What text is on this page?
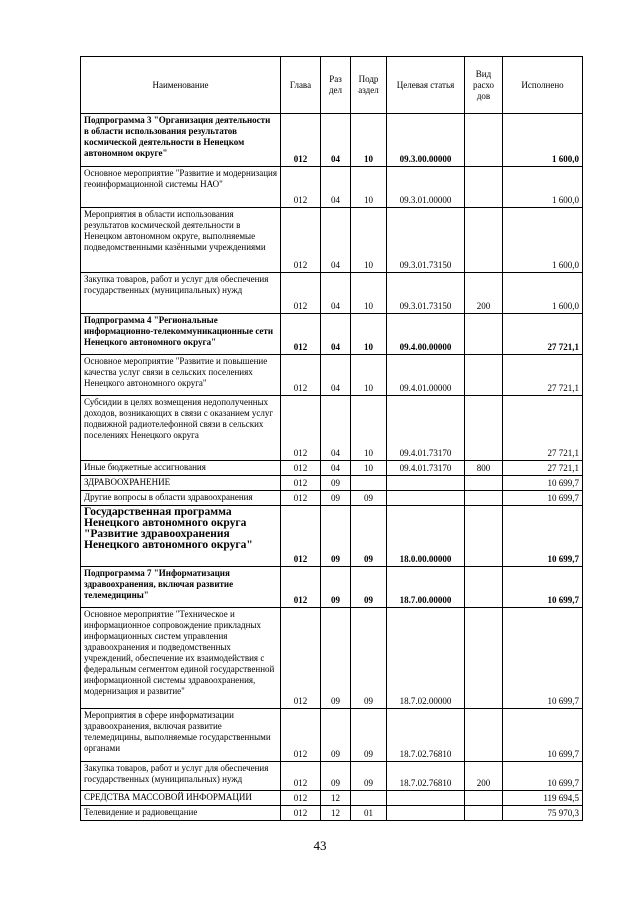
Наименование	Глава	Раз дел	Подр аздел	Целевая статья	Вид расхо дов	Исполнено
Подпрограмма 3 "Организация деятельности в области использования результатов космической деятельности в Ненецком автономном округе"	012	04	10	09.3.00.00000		1 600,0
Основное мероприятие "Развитие и модернизация геоинформационной системы НАО"	012	04	10	09.3.01.00000		1 600,0
Мероприятия в области использования результатов космической деятельности в Ненецком автономном округе, выполняемые подведомственными казёнными учреждениями	012	04	10	09.3.01.73150		1 600,0
Закупка товаров, работ и услуг для обеспечения государственных (муниципальных) нужд	012	04	10	09.3.01.73150	200	1 600,0
Подпрограмма 4 "Региональные информационно-телекоммуникационные сети Ненецкого автономного округа"	012	04	10	09.4.00.00000		27 721,1
Основное мероприятие "Развитие и повышение качества услуг связи в сельских поселениях Ненецкого автономного округа"	012	04	10	09.4.01.00000		27 721,1
Субсидии в целях возмещения недополученных доходов, возникающих в связи с оказанием услуг подвижной радиотелефонной связи в сельских поселениях Ненецкого округа	012	04	10	09.4.01.73170		27 721,1
Иные бюджетные ассигнования	012	04	10	09.4.01.73170	800	27 721,1
ЗДРАВООХРАНЕНИЕ	012	09				10 699,7
Другие вопросы в области здравоохранения	012	09	09			10 699,7
Государственная программа Ненецкого автономного округа "Развитие здравоохранения Ненецкого автономного округа"	012	09	09	18.0.00.00000		10 699,7
Подпрограмма 7 "Информатизация здравоохранения, включая развитие телемедицины"	012	09	09	18.7.00.00000		10 699,7
Основное мероприятие "Техническое и информационное сопровождение прикладных информационных систем управления здравоохранения и подведомственных учреждений, обеспечение их взаимодействия с федеральным сегментом единой государственной информационной системы здравоохранения, модернизация и развитие"	012	09	09	18.7.02.00000		10 699,7
Мероприятия в сфере информатизации здравоохранения, включая развитие телемедицины, выполняемые государственными органами	012	09	09	18.7.02.76810		10 699,7
Закупка товаров, работ и услуг для обеспечения государственных (муниципальных) нужд	012	09	09	18.7.02.76810	200	10 699,7
СРЕДСТВА МАССОВОЙ ИНФОРМАЦИИ	012	12				119 694,5
Телевидение и радиовещание	012	12	01			75 970,3
43
